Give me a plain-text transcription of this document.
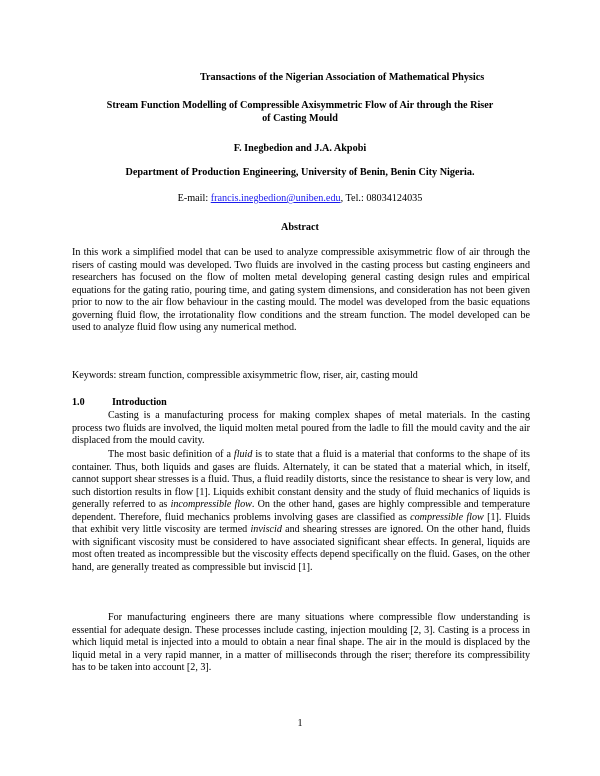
Transactions of the Nigerian Association of Mathematical Physics
Stream Function Modelling of Compressible Axisymmetric Flow of Air through the Riser
of Casting Mould
F. Inegbedion and J.A. Akpobi
Department of Production Engineering, University of Benin, Benin City Nigeria.
E-mail: francis.inegbedion@uniben.edu, Tel.: 08034124035
Abstract
In this work a simplified model that can be used to analyze compressible axisymmetric flow of air through the risers of casting mould was developed. Two fluids are involved in the casting process but casting engineers and researchers has focused on the flow of molten metal developing general casting design rules and empirical equations for the gating ratio, pouring time, and gating system dimensions, and consideration has not been given prior to now to the air flow behaviour in the casting mould. The model was developed from the basic equations governing fluid flow, the irrotationality flow conditions and the stream function. The model developed can be used to analyze fluid flow using any numerical method.
Keywords: stream function, compressible axisymmetric flow, riser, air, casting mould
1.0	Introduction
Casting is a manufacturing process for making complex shapes of metal materials. In the casting process two fluids are involved, the liquid molten metal poured from the ladle to fill the mould cavity and the air displaced from the mould cavity.
The most basic definition of a fluid is to state that a fluid is a material that conforms to the shape of its container. Thus, both liquids and gases are fluids. Alternately, it can be stated that a material which, in itself, cannot support shear stresses is a fluid. Thus, a fluid readily distorts, since the resistance to shear is very low, and such distortion results in flow [1]. Liquids exhibit constant density and the study of fluid mechanics of liquids is generally referred to as incompressible flow. On the other hand, gases are highly compressible and temperature dependent. Therefore, fluid mechanics problems involving gases are classified as compressible flow [1]. Fluids that exhibit very little viscosity are termed inviscid and shearing stresses are ignored. On the other hand, fluids with significant viscosity must be considered to have associated significant shear effects. In general, liquids are most often treated as incompressible but the viscosity effects depend specifically on the fluid. Gases, on the other hand, are generally treated as compressible but inviscid [1].
For manufacturing engineers there are many situations where compressible flow understanding is essential for adequate design. These processes include casting, injection moulding [2, 3]. Casting is a process in which liquid metal is injected into a mould to obtain a near final shape. The air in the mould is displaced by the liquid metal in a very rapid manner, in a matter of milliseconds through the riser; therefore its compressibility has to be taken into account [2, 3].
1
